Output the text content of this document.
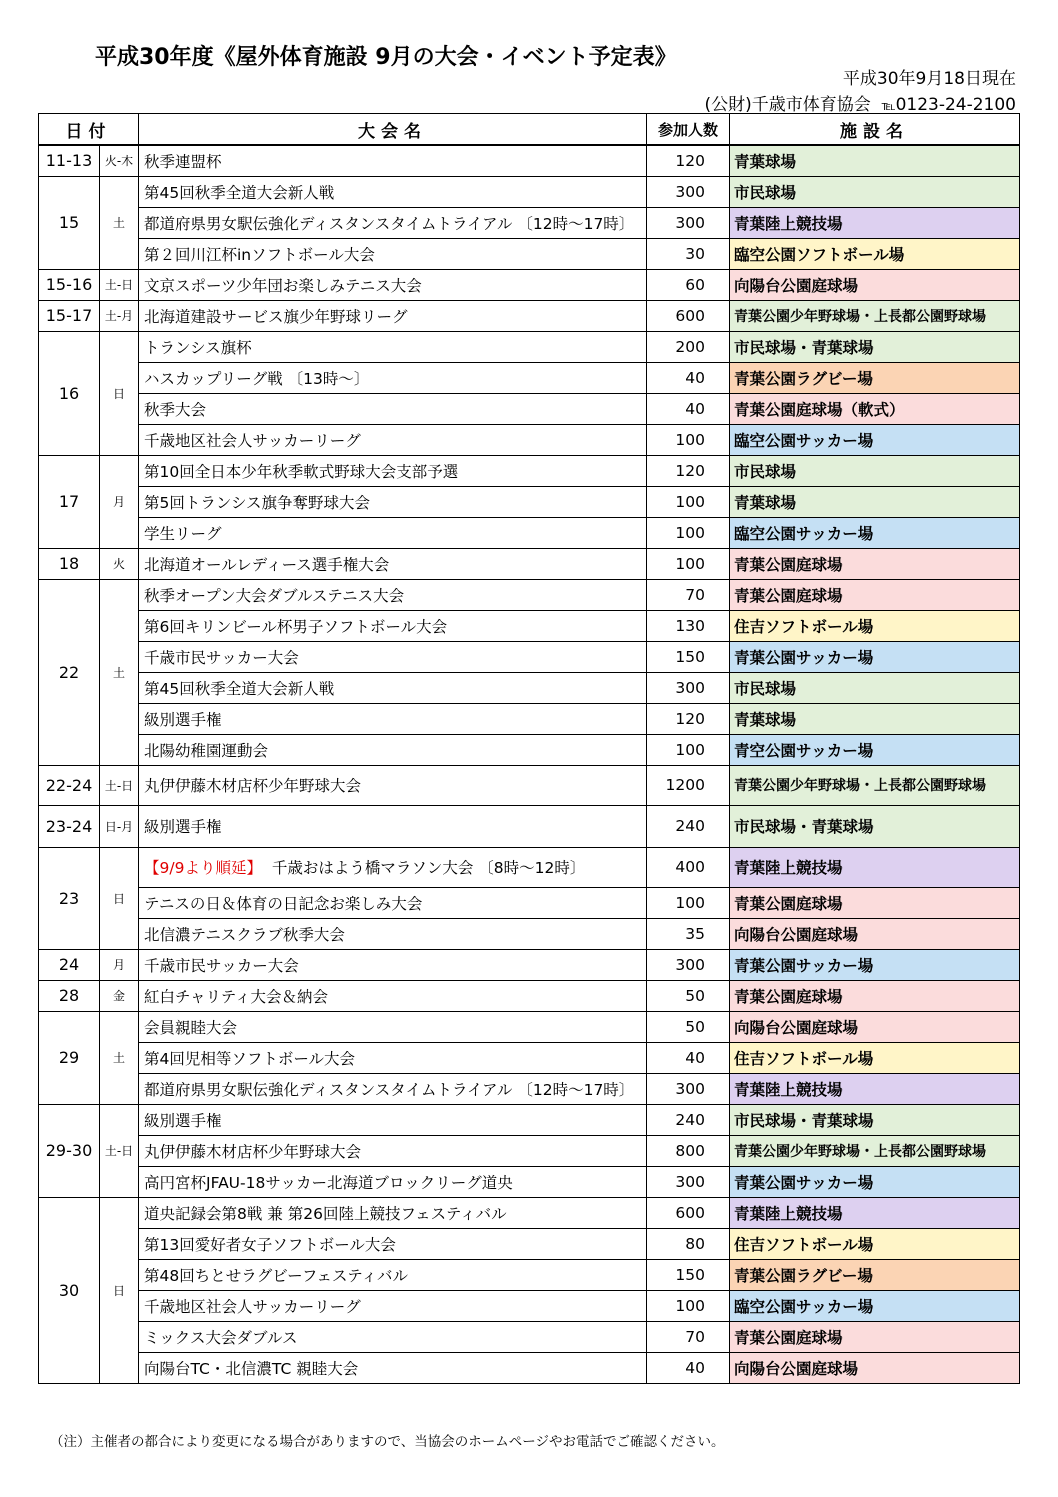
平成30年度《屋外体育施設 9月の大会・イベント予定表》
平成30年9月18日現在
(公財)千歳市体育協会 ℡0123-24-2100
日付		大会名	参加人数	施設名
11-13	火-木	秋季連盟杯	120	青葉球場
15	土	第45回秋季全道大会新人戦	300	市民球場
		都道府県男女駅伝強化ディスタンスタイムトライアル 〔12時～17時〕	300	青葉陸上競技場
		第２回川江杯inソフトボール大会	30	臨空公園ソフトボール場
15-16	土-日	文京スポーツ少年団お楽しみテニス大会	60	向陽台公園庭球場
15-17	土-月	北海道建設サービス旗少年野球リーグ	600	青葉公園少年野球場・上長都公園野球場
16	日	トランシス旗杯	200	市民球場・青葉球場
		ハスカップリーグ戦 〔13時～〕	40	青葉公園ラグビー場
		秋季大会	40	青葉公園庭球場（軟式）
		千歳地区社会人サッカーリーグ	100	臨空公園サッカー場
17	月	第10回全日本少年秋季軟式野球大会支部予選	120	市民球場
		第5回トランシス旗争奪野球大会	100	青葉球場
		学生リーグ	100	臨空公園サッカー場
18	火	北海道オールレディース選手権大会	100	青葉公園庭球場
22	土	秋季オープン大会ダブルステニス大会	70	青葉公園庭球場
		第6回キリンビール杯男子ソフトボール大会	130	住吉ソフトボール場
		千歳市民サッカー大会	150	青葉公園サッカー場
		第45回秋季全道大会新人戦	300	市民球場
		級別選手権	120	青葉球場
		北陽幼稚園運動会	100	青空公園サッカー場
22-24	土-日	丸伊伊藤木材店杯少年野球大会	1200	青葉公園少年野球場・上長都公園野球場
23-24	日-月	級別選手権	240	市民球場・青葉球場
23	日	【9/9より順延】 千歳おはよう橋マラソン大会 〔8時～12時〕	400	青葉陸上競技場
		テニスの日＆体育の日記念お楽しみ大会	100	青葉公園庭球場
		北信濃テニスクラブ秋季大会	35	向陽台公園庭球場
24	月	千歳市民サッカー大会	300	青葉公園サッカー場
28	金	紅白チャリティ大会＆納会	50	青葉公園庭球場
29	土	会員親睦大会	50	向陽台公園庭球場
		第4回児相等ソフトボール大会	40	住吉ソフトボール場
		都道府県男女駅伝強化ディスタンスタイムトライアル 〔12時～17時〕	300	青葉陸上競技場
29-30	土-日	級別選手権	240	市民球場・青葉球場
		丸伊伊藤木材店杯少年野球大会	800	青葉公園少年野球場・上長都公園野球場
		高円宮杯JFAU-18サッカー北海道ブロックリーグ道央	300	青葉公園サッカー場
30	日	道央記録会第8戦 兼 第26回陸上競技フェスティバル	600	青葉陸上競技場
		第13回愛好者女子ソフトボール大会	80	住吉ソフトボール場
		第48回ちとせラグビーフェスティバル	150	青葉公園ラグビー場
		千歳地区社会人サッカーリーグ	100	臨空公園サッカー場
		ミックス大会ダブルス	70	青葉公園庭球場
		向陽台TC・北信濃TC 親睦大会	40	向陽台公園庭球場
（注）主催者の都合により変更になる場合がありますので、当協会のホームページやお電話でご確認ください。
